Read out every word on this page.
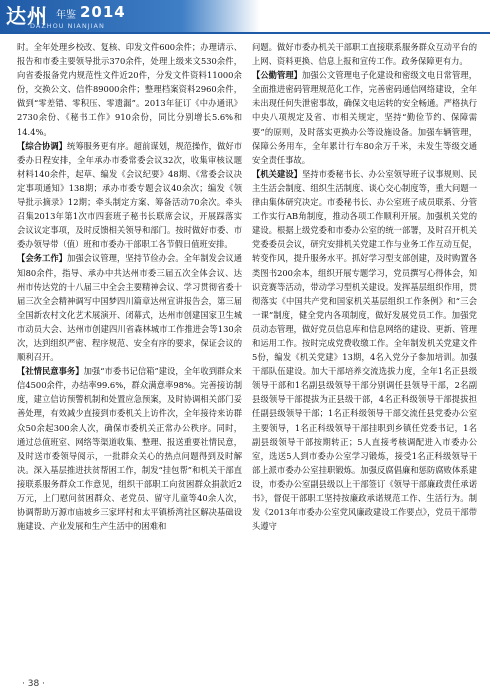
达州 年鉴 2014
DAZHOU NIANJIAN

时。全年处理乡校改、复核、印发文件600余件；办理请示、报告和市委主要领导批示370余件，处理上级来文530余件，向省委报备党内规范性文件近20件，分发文件资料11000余份，交换公文、信件89000余件；整理档案资料2960余件，做到“零差错、零积压、零遗漏”。2013年征订《中办通讯》2730余份、《秘书工作》910余份，同比分别增长5.6%和14.4%。

【综合协调】统筹服务更有序。超前谋划，规范操作，做好市委办日程安排，全年承办市委常委会议32次，收集审核议题材料140余件，起草、编发《会议纪要》48期、《常委会议决定事项通知》138期；承办市委专题会议40余次；编发《领导批示摘录》12期；牵头制定方案、筹备活动70余次。牵头召集2013年第1次市四套班子秘书长联席会议，开展踩落实会议议定事项，及时反馈相关领导和部门。按时做好市委、市委办领导带（值）班和市委办干部职工各节假日值班安排。

【会务工作】加强会议管理，坚持节俭办会。全年制发会议通知80余件，指导、承办中共达州市委三届五次全体会议、达州市传达党的十八届三中全会主要精神会议、学习贯彻省委十届三次全会精神调写中国梦四川篇章达州宣讲报告会，第三届全国新农村文化艺术展演开、闭幕式，达州市创建国家卫生城市动员大会、达州市创建四川省森林城市工作推进会等130余次，达到组织严密、程序规范、安全有序的要求，保证会议的顺利召开。

【社情民意事务】加强“市委书记信箱”建设，全年收到群众来信4500余件，办结率99.6%，群众满意率98%。完善接访制度，建立信访预警机制和处置应急预案，及时协调相关部门妥善处理，有效减少直接到市委机关上访件次，全年接待来访群众50余起300余人次，确保市委机关正常办公秩序。同时，通过总值班室、网络等渠道收集、整理、报送重要社情民意，及时送市委领导阅示，一批群众关心的热点问题得到及时解决。深入基层推进扶贫帮困工作，制发“挂包帮”和机关干部直接联系服务群众工作意见，组织干部职工向贫困群众捐款近2万元，上门慰问贫困群众、老党员、留守儿童等40余人次，协调帮助万源市庙坡乡三家坪村和太平镇桥湾社区解决基础设施建设、产业发展和生产生活中的困难和

问题。做好市委办机关干部职工直接联系服务群众互动平台的上网、资料更换、信息上报和宣传工作。政务保障更有力。

【公勤管理】加强公文管理电子化建设和密级文电日常管理，全面推进密码管理规范化工作，完善密码通信网络建设，全年未出现任何失泄密事故，确保文电运转的安全畅通。严格执行中央八项规定及省、市相关规定，坚持“勤俭节约、保障需要”的原则，及时落实更换办公等设施设备。加强车辆管理，保障公务用车，全年累计行车80余万千米，未发生等级交通安全责任事故。

【机关建设】坚持市委秘书长、办公室领导班子议事规则、民主生活会制度、组织生活制度、谈心交心制度等，重大问题一律由集体研究决定。市委秘书长、办公室班子成员联系、分管工作实行AB角制度，推动各项工作顺利开展。加强机关党的建设。根据上级党委和市委办公室的统一部署，及时召开机关党委委员会议，研究安排机关党建工作与业务工作互动互促，转变作风，提升服务水平。抓好学习型支部创建，及时购置各类图书200余本，组织开展专题学习，党员撰写心得体会，知识竞赛等活动，带动学习型机关建设。发挥基层组织作用，贯彻落实《中国共产党和国家机关基层组织工作条例》和“三会一课”制度，健全党内各项制度，做好发展党员工作。加强党员动态管理，做好党员信息库和信息网络的建设、更新、管理和运用工作。按时完成党费收缴工作。全年制发机关党建文件5份，编发《机关党建》13期，4名入党分子参加培训。加强干部队伍建设。加大干部培养交流选拔力度，全年1名正县级领导干部和1名副县级领导干部分别调任县领导干部，2名副县级领导干部提拔为正县级干部，4名正科级领导干部提拔担任副县级领导干部；1名正科级领导干部交流任县党委办公室主要领导，1名正科级领导干部挂职到乡镇任党委书记，1名副县级领导干部按期转正；5人直接考核调配进入市委办公室，选送5人到市委办公室学习锻炼，接受1名正科级领导干部上派市委办公室挂职锻炼。加强反腐倡廉和惩防腐败体系建设，市委办公室副县级以上干部签订《领导干部廉政责任承诺书》，督促干部职工坚持按廉政承诺规范工作、生活行为。制发《2013年市委办公室党风廉政建设工作要点》，党员干部带头遵守

· 38 ·
